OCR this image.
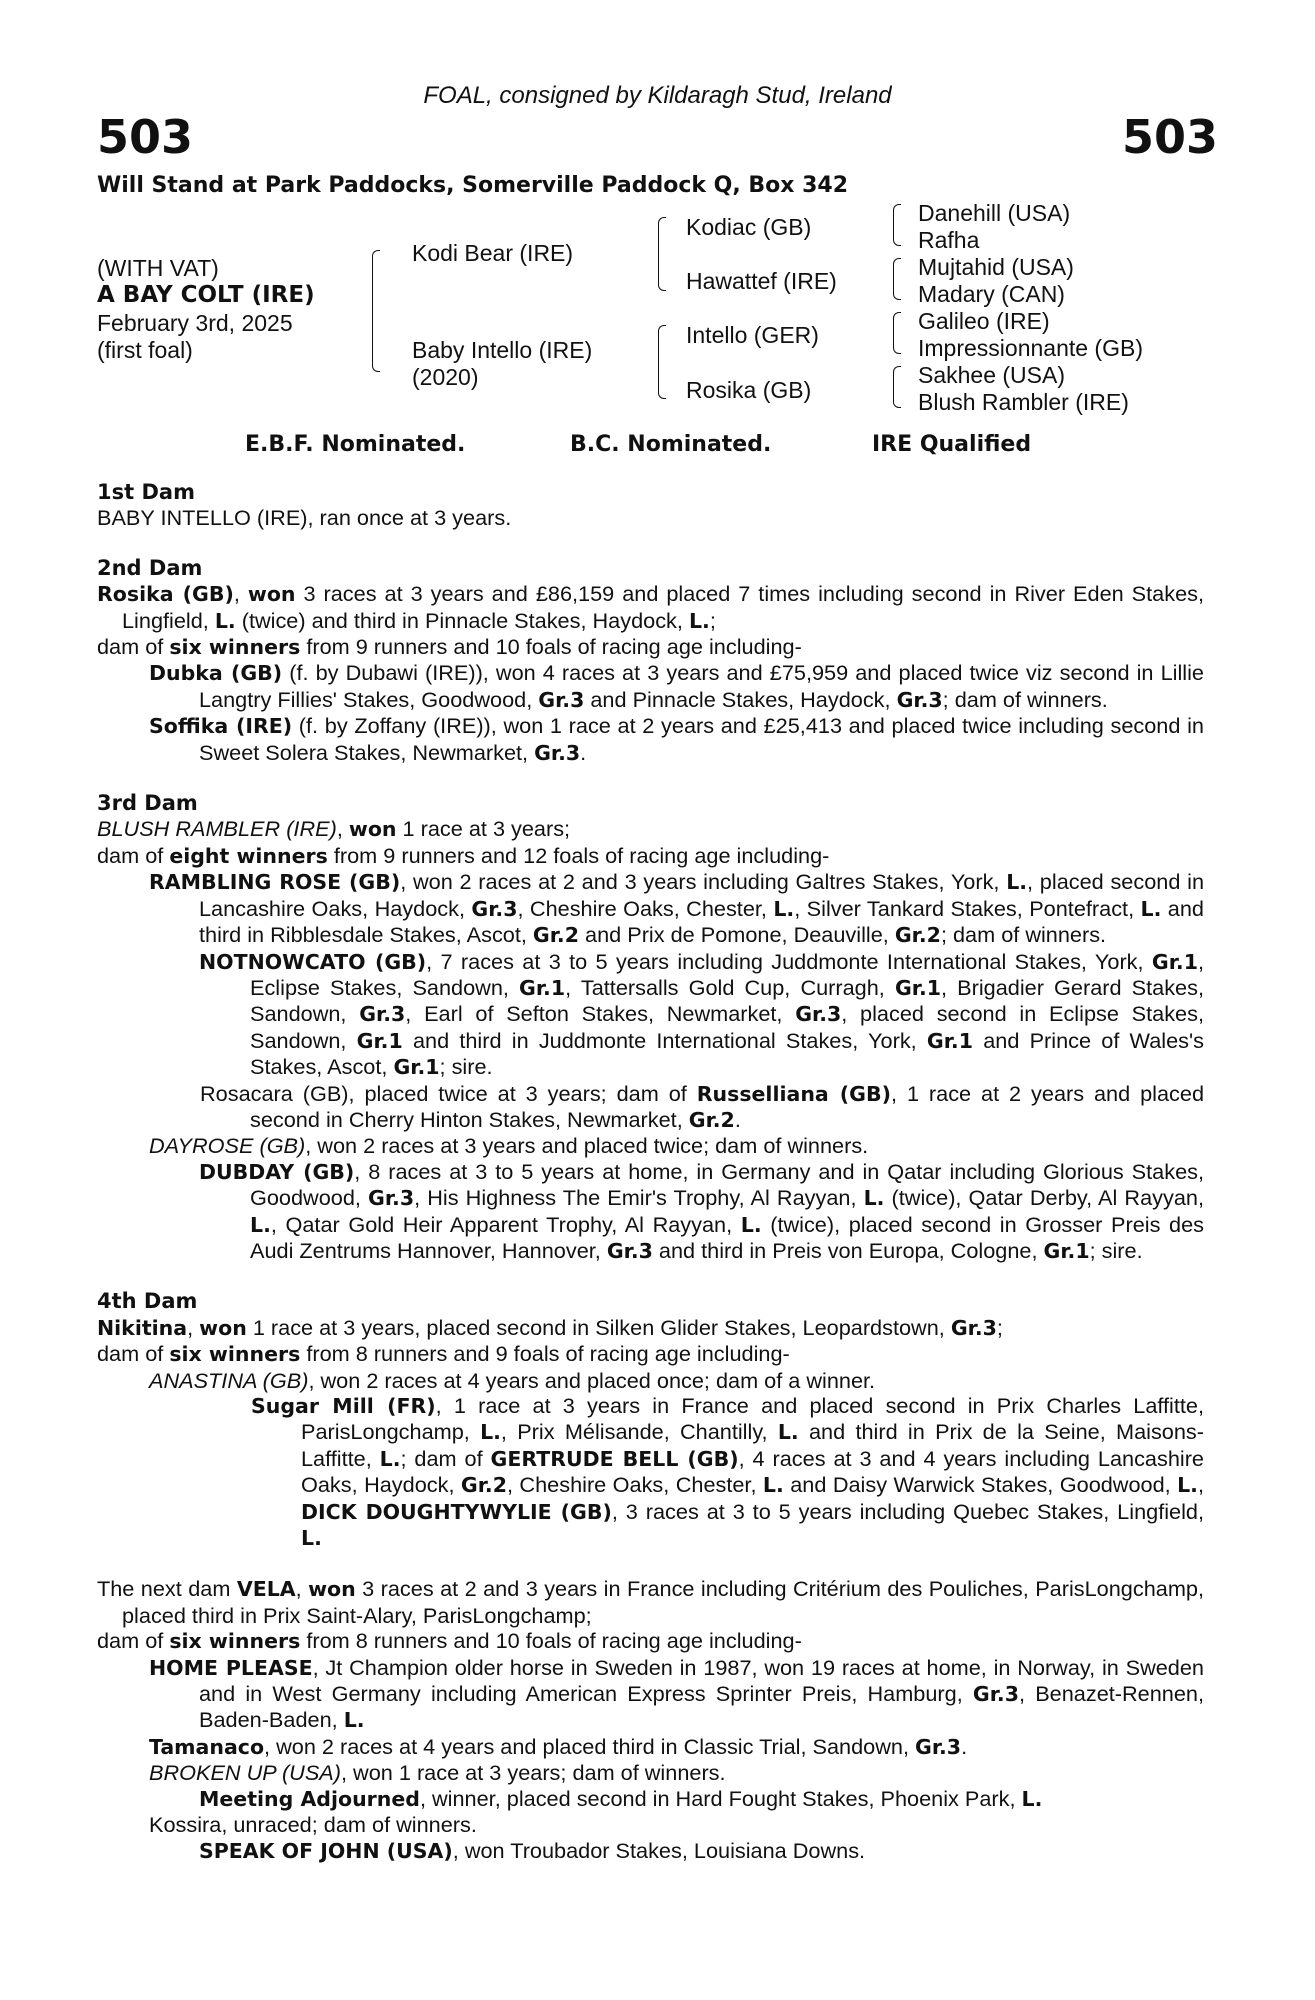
FOAL, consigned by Kildaragh Stud, Ireland
503	503
Will Stand at Park Paddocks, Somerville Paddock Q, Box 342
(WITH VAT)
A BAY COLT (IRE)
February 3rd, 2025
(first foal)
Kodi Bear (IRE)
Baby Intello (IRE)
(2020)
Kodiac (GB)
Hawattef (IRE)
Intello (GER)
Rosika (GB)
Danehill (USA)
Rafha
Mujtahid (USA)
Madary (CAN)
Galileo (IRE)
Impressionnante (GB)
Sakhee (USA)
Blush Rambler (IRE)
E.B.F. Nominated.	B.C. Nominated.	IRE Qualified
1st Dam

BABY INTELLO (IRE), ran once at 3 years.

2nd Dam

Rosika (GB), won 3 races at 3 years and £86,159 and placed 7 times including second in River Eden Stakes, Lingfield, L. (twice) and third in Pinnacle Stakes, Haydock, L.;

dam of six winners from 9 runners and 10 foals of racing age including-

Dubka (GB) (f. by Dubawi (IRE)), won 4 races at 3 years and £75,959 and placed twice viz second in Lillie Langtry Fillies' Stakes, Goodwood, Gr.3 and Pinnacle Stakes, Haydock, Gr.3; dam of winners.

Soffika (IRE) (f. by Zoffany (IRE)), won 1 race at 2 years and £25,413 and placed twice including second in Sweet Solera Stakes, Newmarket, Gr.3.

3rd Dam

BLUSH RAMBLER (IRE), won 1 race at 3 years;

dam of eight winners from 9 runners and 12 foals of racing age including-

RAMBLING ROSE (GB), won 2 races at 2 and 3 years including Galtres Stakes, York, L., placed second in Lancashire Oaks, Haydock, Gr.3, Cheshire Oaks, Chester, L., Silver Tankard Stakes, Pontefract, L. and third in Ribblesdale Stakes, Ascot, Gr.2 and Prix de Pomone, Deauville, Gr.2; dam of winners.

NOTNOWCATO (GB), 7 races at 3 to 5 years including Juddmonte International Stakes, York, Gr.1, Eclipse Stakes, Sandown, Gr.1, Tattersalls Gold Cup, Curragh, Gr.1, Brigadier Gerard Stakes, Sandown, Gr.3, Earl of Sefton Stakes, Newmarket, Gr.3, placed second in Eclipse Stakes, Sandown, Gr.1 and third in Juddmonte International Stakes, York, Gr.1 and Prince of Wales's Stakes, Ascot, Gr.1; sire.

Rosacara (GB), placed twice at 3 years; dam of Russelliana (GB), 1 race at 2 years and placed second in Cherry Hinton Stakes, Newmarket, Gr.2.

DAYROSE (GB), won 2 races at 3 years and placed twice; dam of winners.

DUBDAY (GB), 8 races at 3 to 5 years at home, in Germany and in Qatar including Glorious Stakes, Goodwood, Gr.3, His Highness The Emir's Trophy, Al Rayyan, L. (twice), Qatar Derby, Al Rayyan, L., Qatar Gold Heir Apparent Trophy, Al Rayyan, L. (twice), placed second in Grosser Preis des Audi Zentrums Hannover, Hannover, Gr.3 and third in Preis von Europa, Cologne, Gr.1; sire.

4th Dam

Nikitina, won 1 race at 3 years, placed second in Silken Glider Stakes, Leopardstown, Gr.3;

dam of six winners from 8 runners and 9 foals of racing age including-

ANASTINA (GB), won 2 races at 4 years and placed once; dam of a winner.

Sugar Mill (FR), 1 race at 3 years in France and placed second in Prix Charles Laffitte, ParisLongchamp, L., Prix Mélisande, Chantilly, L. and third in Prix de la Seine, Maisons-Laffitte, L.; dam of GERTRUDE BELL (GB), 4 races at 3 and 4 years including Lancashire Oaks, Haydock, Gr.2, Cheshire Oaks, Chester, L. and Daisy Warwick Stakes, Goodwood, L., DICK DOUGHTYWYLIE (GB), 3 races at 3 to 5 years including Quebec Stakes, Lingfield, L.

The next dam VELA, won 3 races at 2 and 3 years in France including Critérium des Pouliches, ParisLongchamp, placed third in Prix Saint-Alary, ParisLongchamp;

dam of six winners from 8 runners and 10 foals of racing age including-

HOME PLEASE, Jt Champion older horse in Sweden in 1987, won 19 races at home, in Norway, in Sweden and in West Germany including American Express Sprinter Preis, Hamburg, Gr.3, Benazet-Rennen, Baden-Baden, L.

Tamanaco, won 2 races at 4 years and placed third in Classic Trial, Sandown, Gr.3.

BROKEN UP (USA), won 1 race at 3 years; dam of winners.

Meeting Adjourned, winner, placed second in Hard Fought Stakes, Phoenix Park, L.

Kossira, unraced; dam of winners.

SPEAK OF JOHN (USA), won Troubador Stakes, Louisiana Downs.
